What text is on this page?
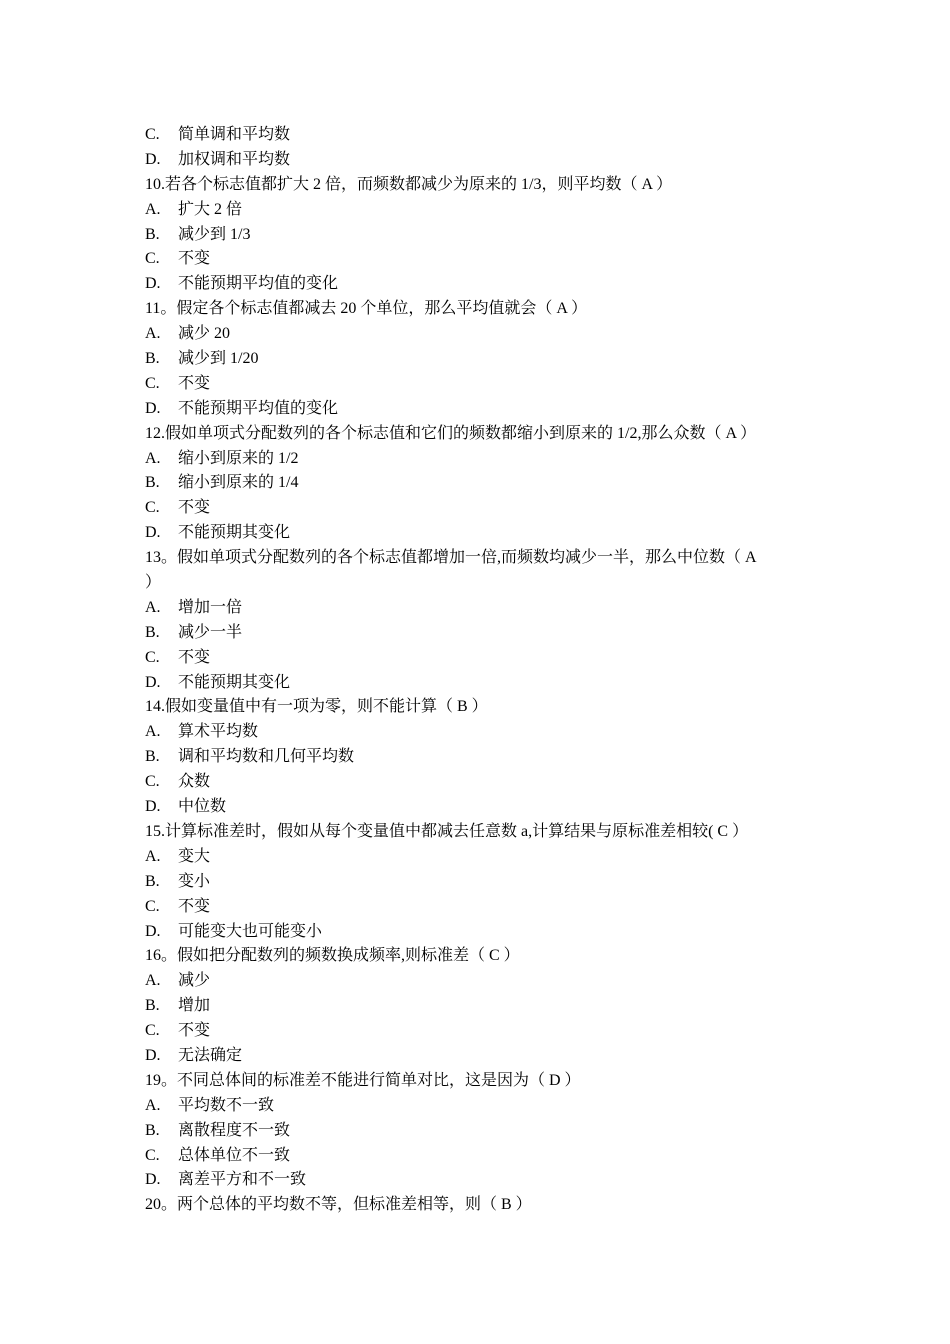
C. 简单调和平均数
D. 加权调和平均数
10.若各个标志值都扩大 2 倍，而频数都减少为原来的 1/3，则平均数（ A ）
A. 扩大 2 倍
B. 减少到 1/3
C. 不变
D. 不能预期平均值的变化
11。假定各个标志值都减去 20 个单位，那么平均值就会（ A ）
A. 减少 20
B. 减少到 1/20
C. 不变
D. 不能预期平均值的变化
12.假如单项式分配数列的各个标志值和它们的频数都缩小到原来的 1/2,那么众数（ A ）
A. 缩小到原来的 1/2
B. 缩小到原来的 1/4
C. 不变
D. 不能预期其变化
13。假如单项式分配数列的各个标志值都增加一倍,而频数均减少一半，那么中位数（ A
）
A. 增加一倍
B. 减少一半
C. 不变
D. 不能预期其变化
14.假如变量值中有一项为零，则不能计算（ B ）
A. 算术平均数
B. 调和平均数和几何平均数
C. 众数
D. 中位数
15.计算标准差时，假如从每个变量值中都减去任意数 a,计算结果与原标准差相较( C ）
A. 变大
B. 变小
C. 不变
D. 可能变大也可能变小
16。假如把分配数列的频数换成频率,则标准差（ C ）
A. 减少
B. 增加
C. 不变
D. 无法确定
19。不同总体间的标准差不能进行简单对比，这是因为（ D ）
A. 平均数不一致
B. 离散程度不一致
C. 总体单位不一致
D. 离差平方和不一致
20。两个总体的平均数不等，但标准差相等，则（ B ）
